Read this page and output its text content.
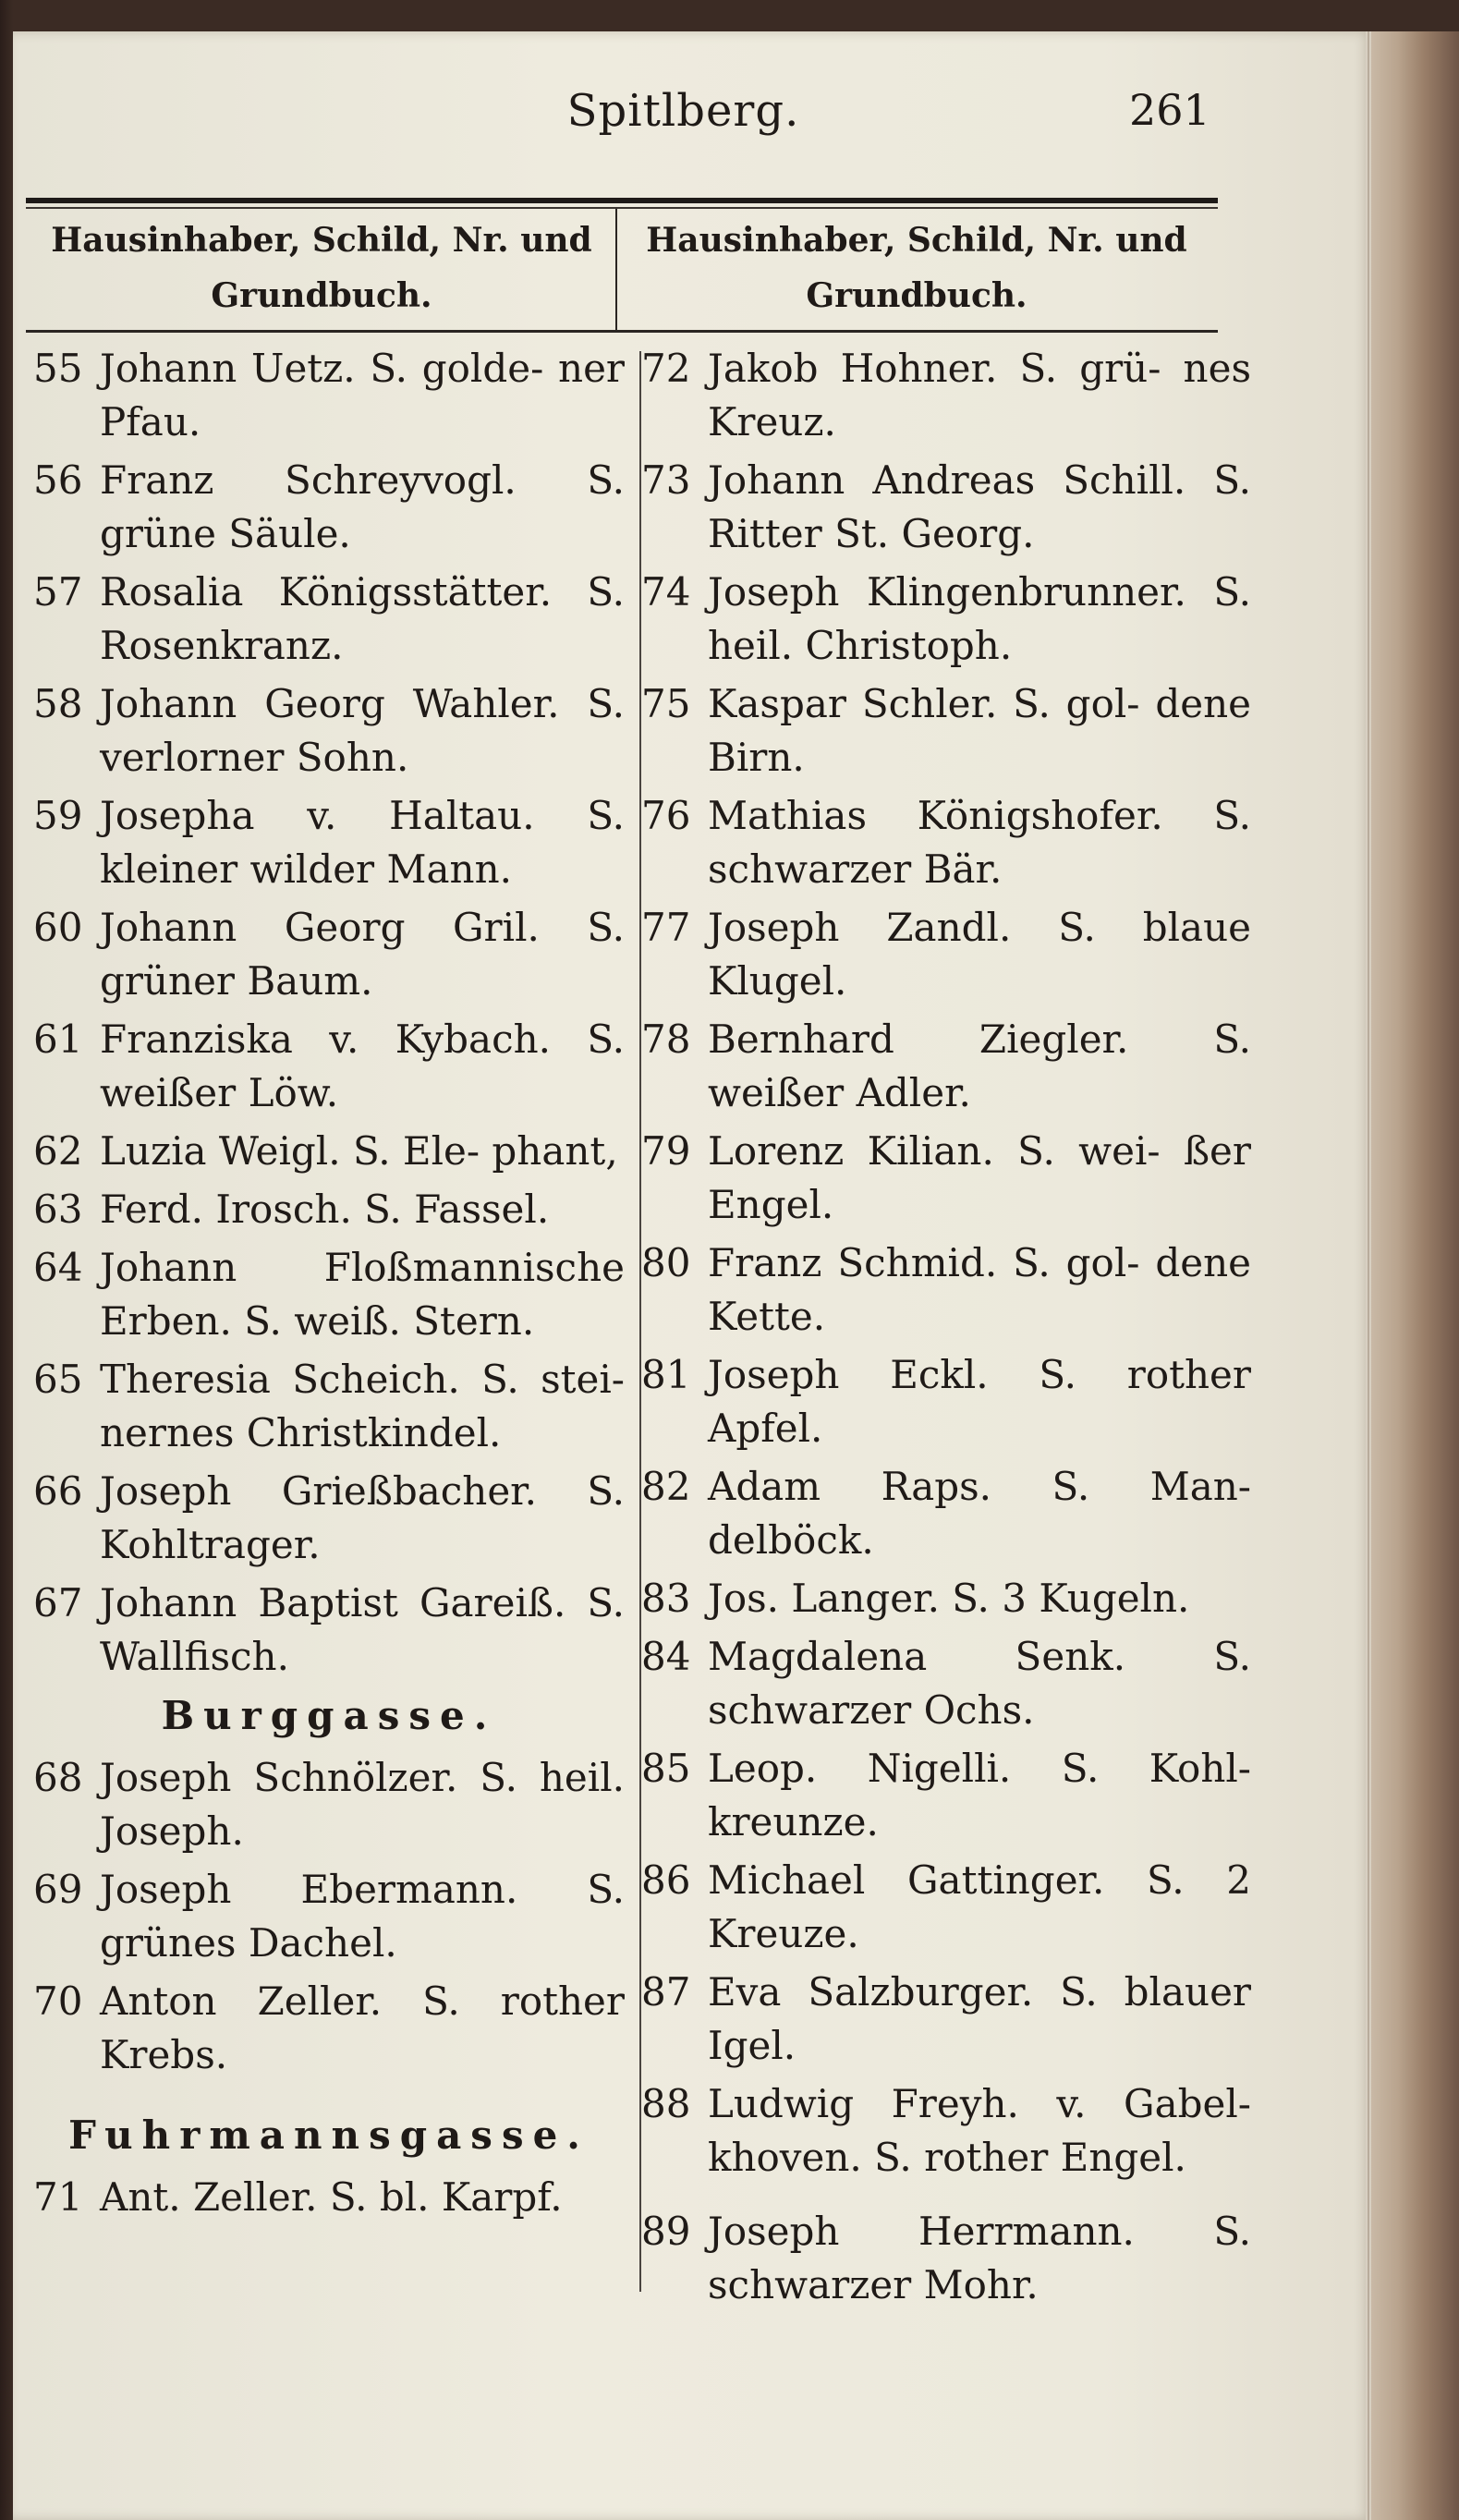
Spitlberg.	261
Hausinhaber, Schild, Nr. und
Grundbuch.
Hausinhaber, Schild, Nr. und
Grundbuch.
55 Johann Uetz. S. golde- ner Pfau.
56 Franz Schreyvogl. S. grüne Säule.
57 Rosalia Königsstätter. S. Rosenkranz.
58 Johann Georg Wahler. S. verlorner Sohn.
59 Josepha v. Haltau. S. kleiner wilder Mann.
60 Johann Georg Gril. S. grüner Baum.
61 Franziska v. Kybach. S. weißer Löw.
62 Luzia Weigl. S. Ele- phant,
63 Ferd. Irosch. S. Fassel.
64 Johann Floßmannische Erben. S. weiß. Stern.
65 Theresia Scheich. S. stei- nernes Christkindel.
66 Joseph Grießbacher. S. Kohltrager.
67 Johann Baptist Gareiß. S. Wallfisch.
Burggasse.
68 Joseph Schnölzer. S. heil. Joseph.
69 Joseph Ebermann. S. grünes Dachel.
70 Anton Zeller. S. rother Krebs.
Fuhrmannsgasse.
71 Ant. Zeller. S. bl. Karpf.
72 Jakob Hohner. S. grü- nes Kreuz.
73 Johann Andreas Schill. S. Ritter St. Georg.
74 Joseph Klingenbrunner. S. heil. Christoph.
75 Kaspar Schler. S. gol- dene Birn.
76 Mathias Königshofer. S. schwarzer Bär.
77 Joseph Zandl. S. blaue Klugel.
78 Bernhard Ziegler. S. weißer Adler.
79 Lorenz Kilian. S. wei- ßer Engel.
80 Franz Schmid. S. gol- dene Kette.
81 Joseph Eckl. S. rother Apfel.
82 Adam Raps. S. Man- delböck.
83 Jos. Langer. S. 3 Kugeln.
84 Magdalena Senk. S. schwarzer Ochs.
85 Leop. Nigelli. S. Kohl- kreunze.
86 Michael Gattinger. S. 2 Kreuze.
87 Eva Salzburger. S. blauer Igel.
88 Ludwig Freyh. v. Gabel- khoven. S. rother Engel.
89 Joseph Herrmann. S. schwarzer Mohr.
